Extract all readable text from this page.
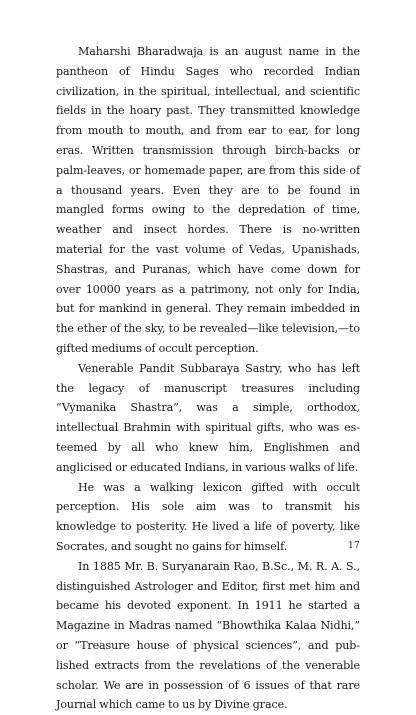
Maharshi Bharadwaja is an august name in the pantheon of Hindu Sages who recorded Indian civilization, in the spiritual, intellectual, and scientific fields in the hoary past. They transmitted knowledge from mouth to mouth, and from ear to ear, for long eras. Written transmission through birch-backs or palm-leaves, or homemade paper, are from this side of a thousand years. Even they are to be found in mangled forms owing to the depredation of time, weather and insect hordes. There is no-written material for the vast volume of Vedas, Upanishads, Shastras, and Puranas, which have come down for over 10000 years as a patrimony, not only for India, but for mankind in general. They remain imbedded in the ether of the sky, to be revealed—like television,—to gifted mediums of occult perception.

Venerable Pandit Subbaraya Sastry, who has left the legacy of manuscript treasures including “Vymanika Shastra”, was a simple, orthodox, intellectual Brahmin with spiritual gifts, who was esteemed by all who knew him, Englishmen and anglicised or educated Indians, in various walks of life.

He was a walking lexicon gifted with occult perception. His sole aim was to transmit his knowledge to posterity. He lived a life of poverty, like Socrates, and sought no gains for himself.

In 1885 Mr. B. Suryanarain Rao, B.Sc., M. R. A. S., distinguished Astrologer and Editor, first met him and became his devoted exponent. In 1911 he started a Magazine in Madras named “Bhowthika Kalaa Nidhi,” or “Treasure house of physical sciences”, and published extracts from the revelations of the venerable scholar. We are in possession of 6 issues of that rare Journal which came to us by Divine grace.

17
